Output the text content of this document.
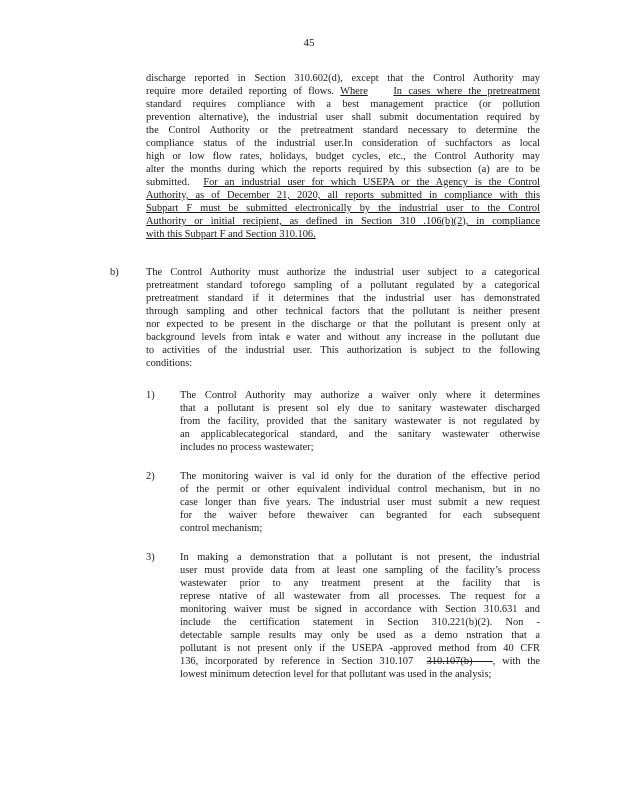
45
discharge reported in Section 310.602(d), except that the Control Authority may
require more detailed reporting of flows. Where In cases where the pretreatment
standard requires compliance with a best management practice (or pollution
prevention alternative), the industrial user shall submit documentation required by
the Control Authority or the pretreatment standard necessary to determine the
compliance status of the industrial user.In consideration of suchfactors as local
high or low flow rates, holidays, budget cycles, etc., the Control Authority may
alter the months during which the reports required by this subsection (a) are to be
submitted. For an industrial user for which USEPA or the Agency is the Control
Authority, as of December 21, 2020, all reports submitted in compliance with this
Subpart F must be submitted electronically by the industrial user to the Control
Authority or initial recipient, as defined in Section 310 .106(b)(2), in compliance
with this Subpart F and Section 310.106.
b)	The Control Authority must authorize the industrial user subject to a categorical
pretreatment standard toforego sampling of a pollutant regulated by a categorical
pretreatment standard if it determines that the industrial user has demonstrated
through sampling and other technical factors that the pollutant is neither present
nor expected to be present in the discharge or that the pollutant is present only at
background levels from intak e water and without any increase in the pollutant due
to activities of the industrial user. This authorization is subject to the following
conditions:
1) The Control Authority may authorize a waiver only where it determines
that a pollutant is present sol ely due to sanitary wastewater discharged
from the facility, provided that the sanitary wastewater is not regulated by
an applicablecategorical standard, and the sanitary wastewater otherwise
includes no process wastewater;
2) The monitoring waiver is val id only for the duration of the effective period
of the permit or other equivalent individual control mechanism, but in no
case longer than five years. The industrial user must submit a new request
for the waiver before thewaiver can begranted for each subsequent
control mechanism;
3) In making a demonstration that a pollutant is not present, the industrial
user must provide data from at least one sampling of the facility’s process
wastewater prior to any treatment present at the facility that is
represe ntative of all wastewater from all processes. The request for a
monitoring waiver must be signed in accordance with Section 310.631 and
include the certification statement in Section 310.221(b)(2). Non -
detectable sample results may only be used as a demo nstration that a
pollutant is not present only if the USEPA -approved method from 40 CFR
136, incorporated by reference in Section 310.107 310.107(b) , with the
lowest minimum detection level for that pollutant was used in the analysis;
